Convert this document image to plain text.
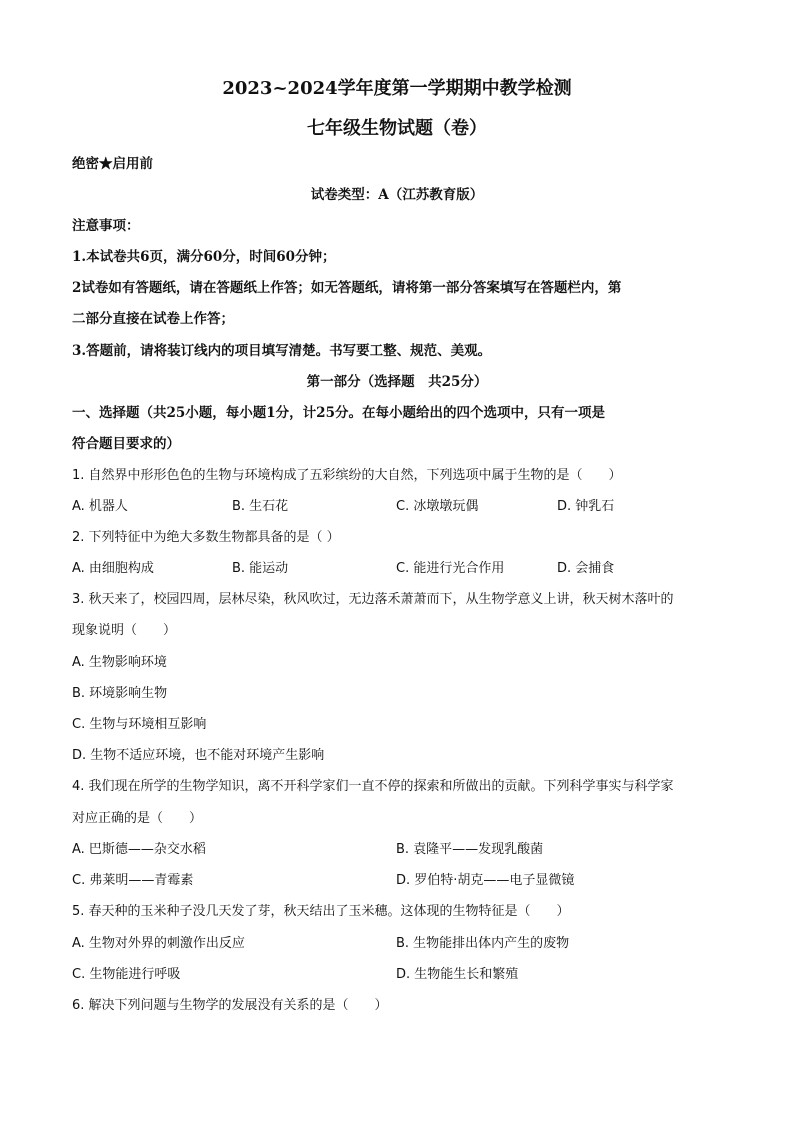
2023~2024学年度第一学期期中教学检测
七年级生物试题（卷）
绝密★启用前
试卷类型：A（江苏教育版）
注意事项：
1.本试卷共6页，满分60分，时间60分钟；
2试卷如有答题纸，请在答题纸上作答；如无答题纸，请将第一部分答案填写在答题栏内，第
二部分直接在试卷上作答；
3.答题前，请将装订线内的项目填写清楚。书写要工整、规范、美观。
第一部分（选择题　共25分）
一、选择题（共25小题，每小题1分，计25分。在每小题给出的四个选项中，只有一项是
符合题目要求的）
1. 自然界中形形色色的生物与环境构成了五彩缤纷的大自然，下列选项中属于生物的是（　　）
A. 机器人	B. 生石花	C. 冰墩墩玩偶	D. 钟乳石
2. 下列特征中为绝大多数生物都具备的是（ ）
A. 由细胞构成	B. 能运动	C. 能进行光合作用	D. 会捕食
3. 秋天来了，校园四周，层林尽染，秋风吹过，无边落禾萧萧而下，从生物学意义上讲，秋天树木落叶的
现象说明（　　）
A. 生物影响环境
B. 环境影响生物
C. 生物与环境相互影响
D. 生物不适应环境，也不能对环境产生影响
4. 我们现在所学的生物学知识，离不开科学家们一直不停的探索和所做出的贡献。下列科学事实与科学家
对应正确的是（　　）
A. 巴斯德——杂交水稻	B. 袁隆平——发现乳酸菌
C. 弗莱明——青霉素	D. 罗伯特·胡克——电子显微镜
5. 春天种的玉米种子没几天发了芽，秋天结出了玉米穗。这体现的生物特征是（　　）
A. 生物对外界的刺激作出反应	B. 生物能排出体内产生的废物
C. 生物能进行呼吸	D. 生物能生长和繁殖
6. 解决下列问题与生物学的发展没有关系的是（　　）
